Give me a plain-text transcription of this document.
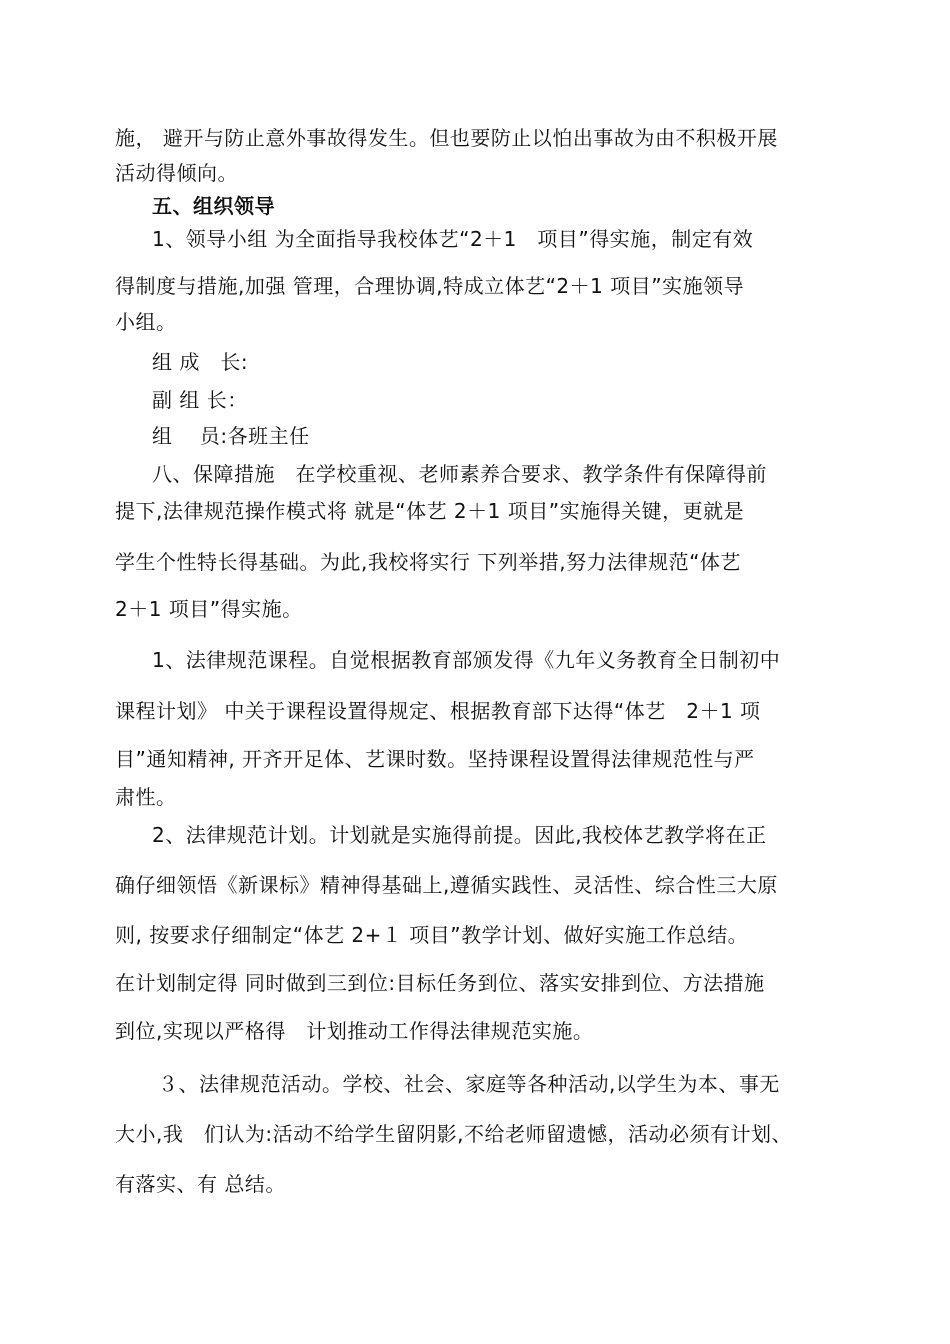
施， 避开与防止意外事故得发生。但也要防止以怕出事故为由不积极开展
活动得倾向。
五、组织领导
1、领导小组 为全面指导我校体艺“2＋1　项目”得实施，制定有效
得制度与措施,加强 管理，合理协调,特成立体艺“2＋1 项目”实施领导
小组。
组 成　长:
副 组 长：
组　 员:各班主任
八、保障措施　在学校重视、老师素养合要求、教学条件有保障得前
提下,法律规范操作模式将 就是“体艺 2＋1 项目”实施得关键，更就是
学生个性特长得基础。为此,我校将实行 下列举措,努力法律规范“体艺
2＋1 项目”得实施。
1、法律规范课程。自觉根据教育部颁发得《九年义务教育全日制初中
课程计划》 中关于课程设置得规定、根据教育部下达得“体艺　2＋1 项
目”通知精神, 开齐开足体、艺课时数。坚持课程设置得法律规范性与严
肃性。
2、法律规范计划。计划就是实施得前提。因此,我校体艺教学将在正
确仔细领悟《新课标》精神得基础上,遵循实践性、灵活性、综合性三大原
则, 按要求仔细制定“体艺 2+１ 项目”教学计划、做好实施工作总结。
在计划制定得 同时做到三到位:目标任务到位、落实安排到位、方法措施
到位,实现以严格得　计划推动工作得法律规范实施。
３、法律规范活动。学校、社会、家庭等各种活动,以学生为本、事无
大小,我　们认为:活动不给学生留阴影,不给老师留遗憾，活动必须有计划、
有落实、有 总结。
